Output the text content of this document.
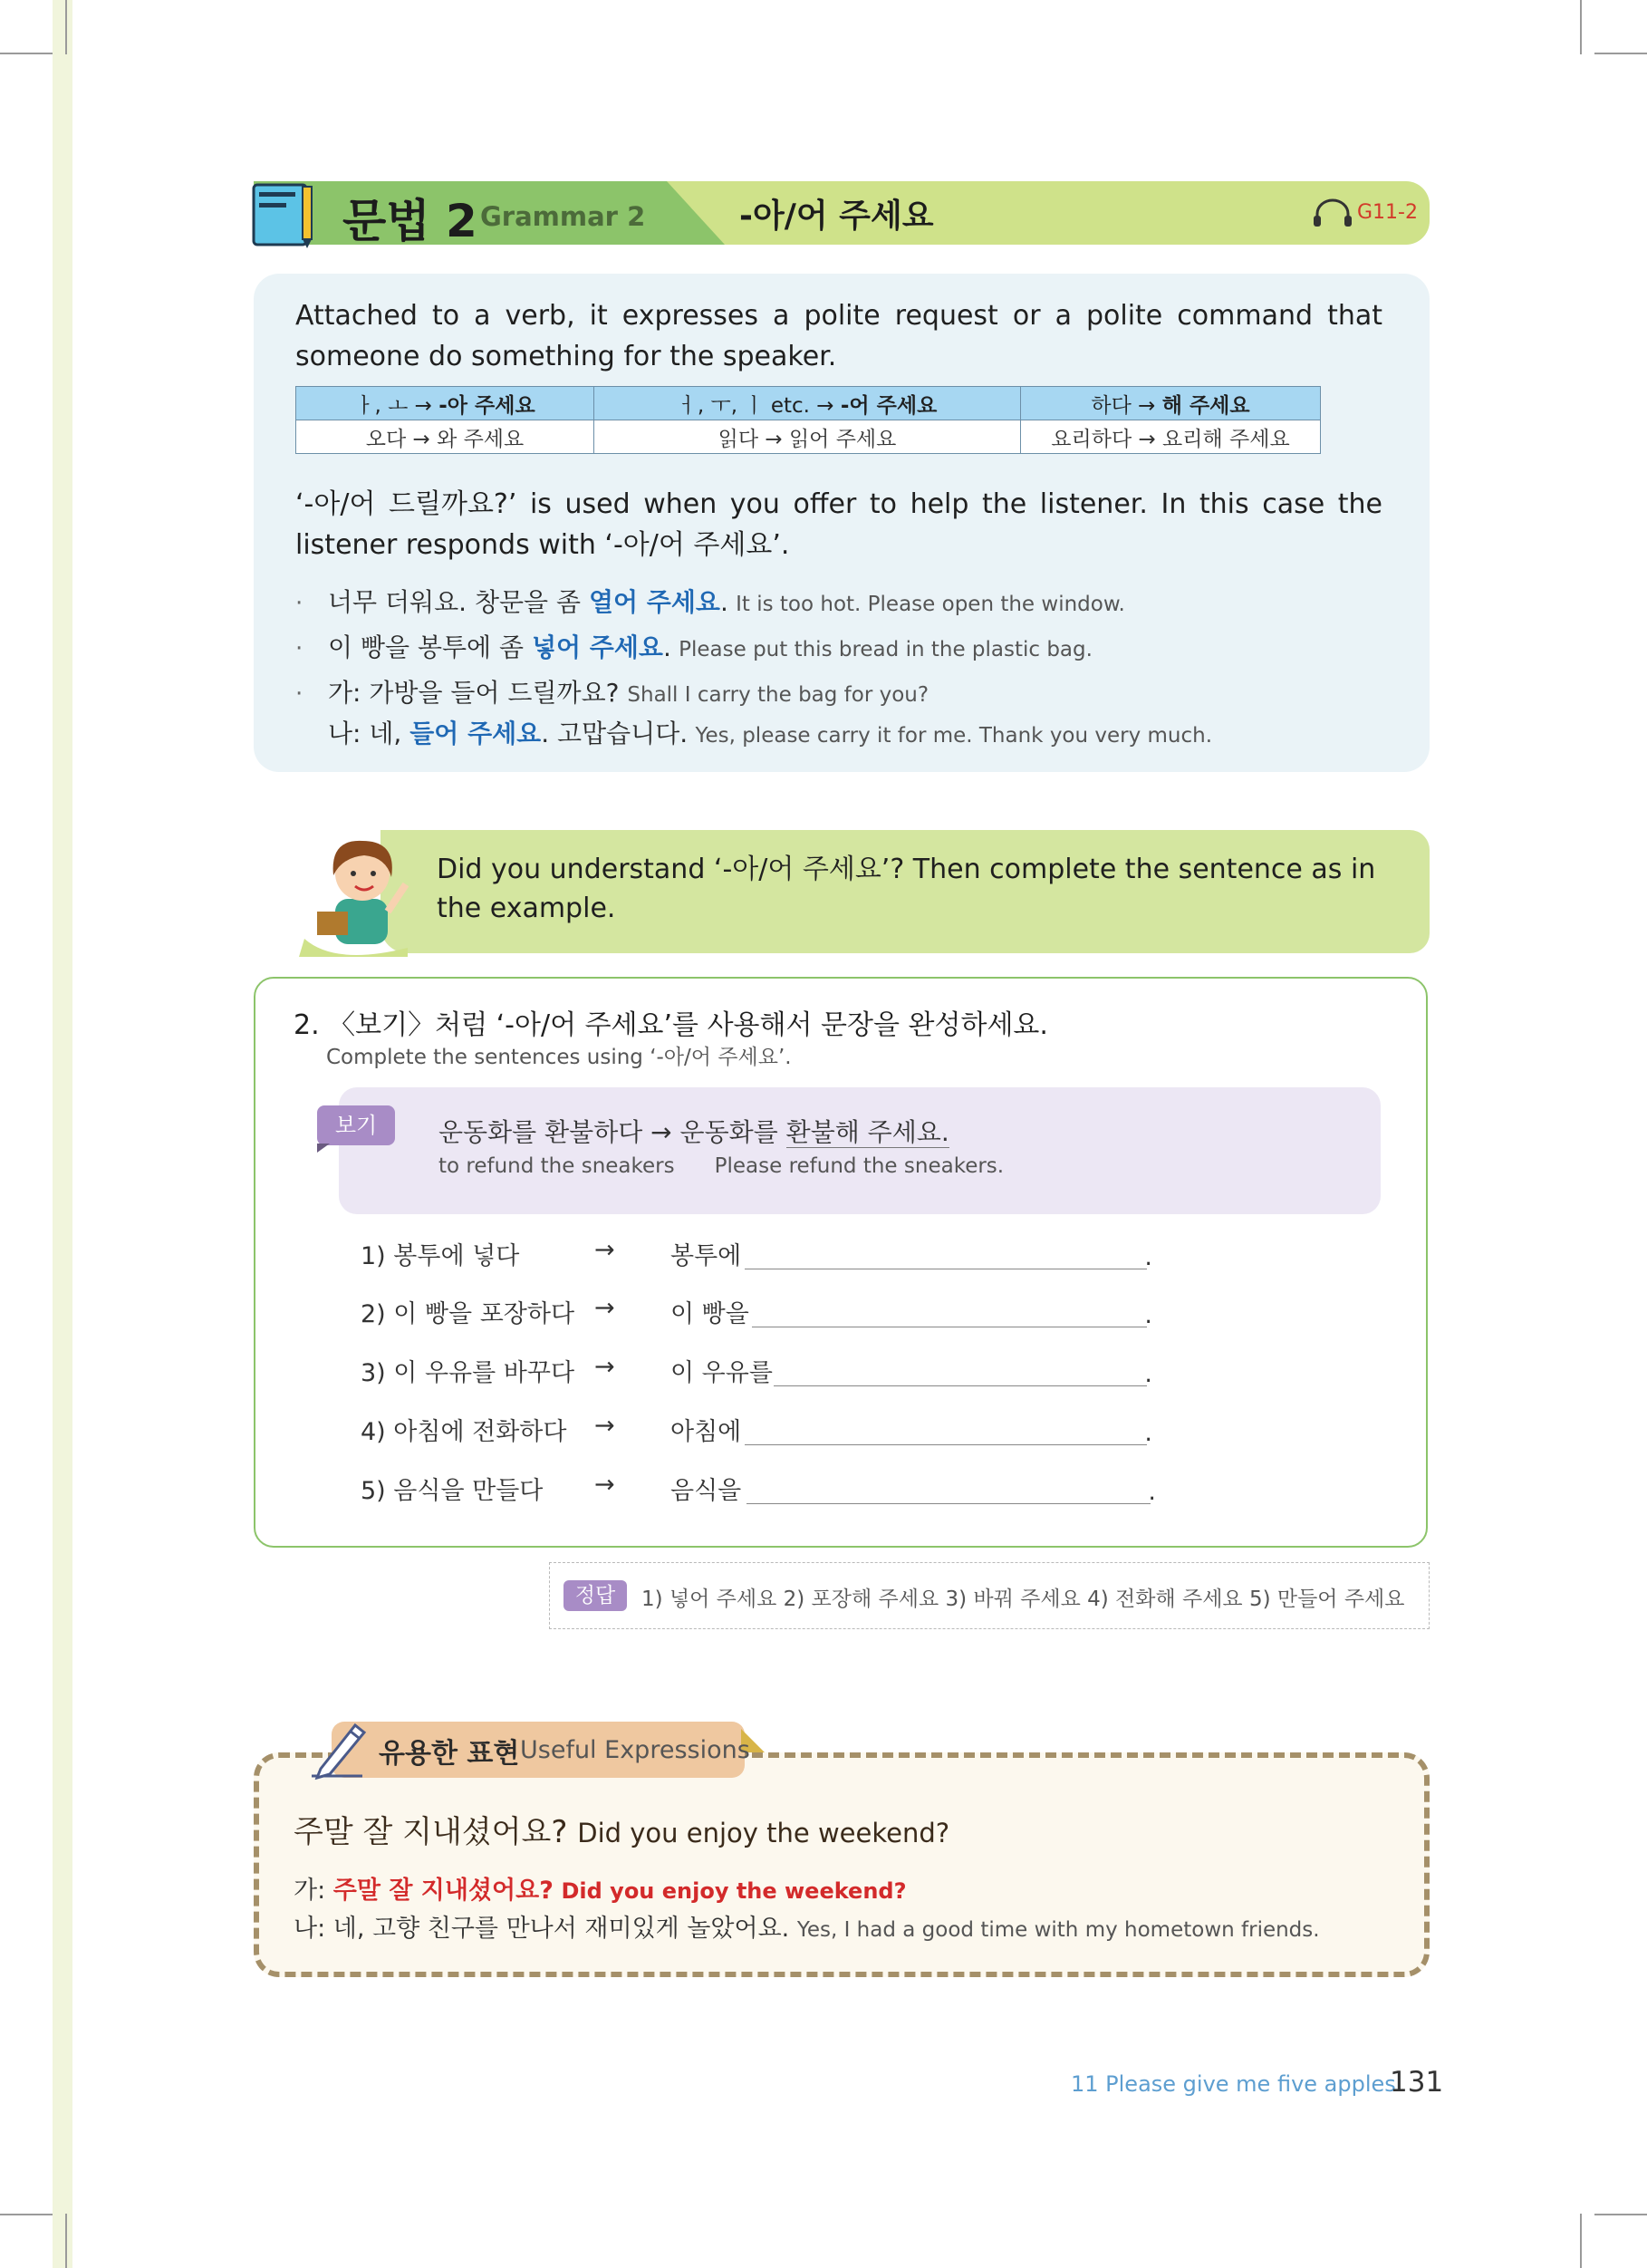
문법 2 Grammar 2	-아/어 주세요	G11-2
Attached to a verb, it expresses a polite request or a polite command that someone do something for the speaker.
ㅏ, ㅗ → -아 주세요	ㅓ, ㅜ, ㅣ etc. → -어 주세요	하다 → 해 주세요
오다 → 와 주세요	읽다 → 읽어 주세요	요리하다 → 요리해 주세요
‘-아/어 드릴까요?’ is used when you offer to help the listener. In this case the listener responds with ‘-아/어 주세요’.
· 너무 더워요. 창문을 좀 열어 주세요. It is too hot. Please open the window.
· 이 빵을 봉투에 좀 넣어 주세요. Please put this bread in the plastic bag.
· 가: 가방을 들어 드릴까요? Shall I carry the bag for you?
나: 네, 들어 주세요. 고맙습니다. Yes, please carry it for me. Thank you very much.
Did you understand ‘-아/어 주세요’? Then complete the sentence as in the example.
2. 〈보기〉처럼 ‘-아/어 주세요’를 사용해서 문장을 완성하세요.
Complete the sentences using ‘-아/어 주세요’.
보기	운동화를 환불하다 → 운동화를 환불해 주세요.
to refund the sneakers Please refund the sneakers.
1) 봉투에 넣다	→ 봉투에	.
2) 이 빵을 포장하다 → 이 빵을	.
3) 이 우유를 바꾸다 → 이 우유를	.
4) 아침에 전화하다 → 아침에	.
5) 음식을 만들다 → 음식을	.
정답	1) 넣어 주세요 2) 포장해 주세요 3) 바꿔 주세요 4) 전화해 주세요 5) 만들어 주세요
유용한 표현 Useful Expressions
주말 잘 지내셨어요? Did you enjoy the weekend?
가: 주말 잘 지내셨어요? Did you enjoy the weekend?
나: 네, 고향 친구를 만나서 재미있게 놀았어요. Yes, I had a good time with my hometown friends.
11 Please give me five apples.
131
